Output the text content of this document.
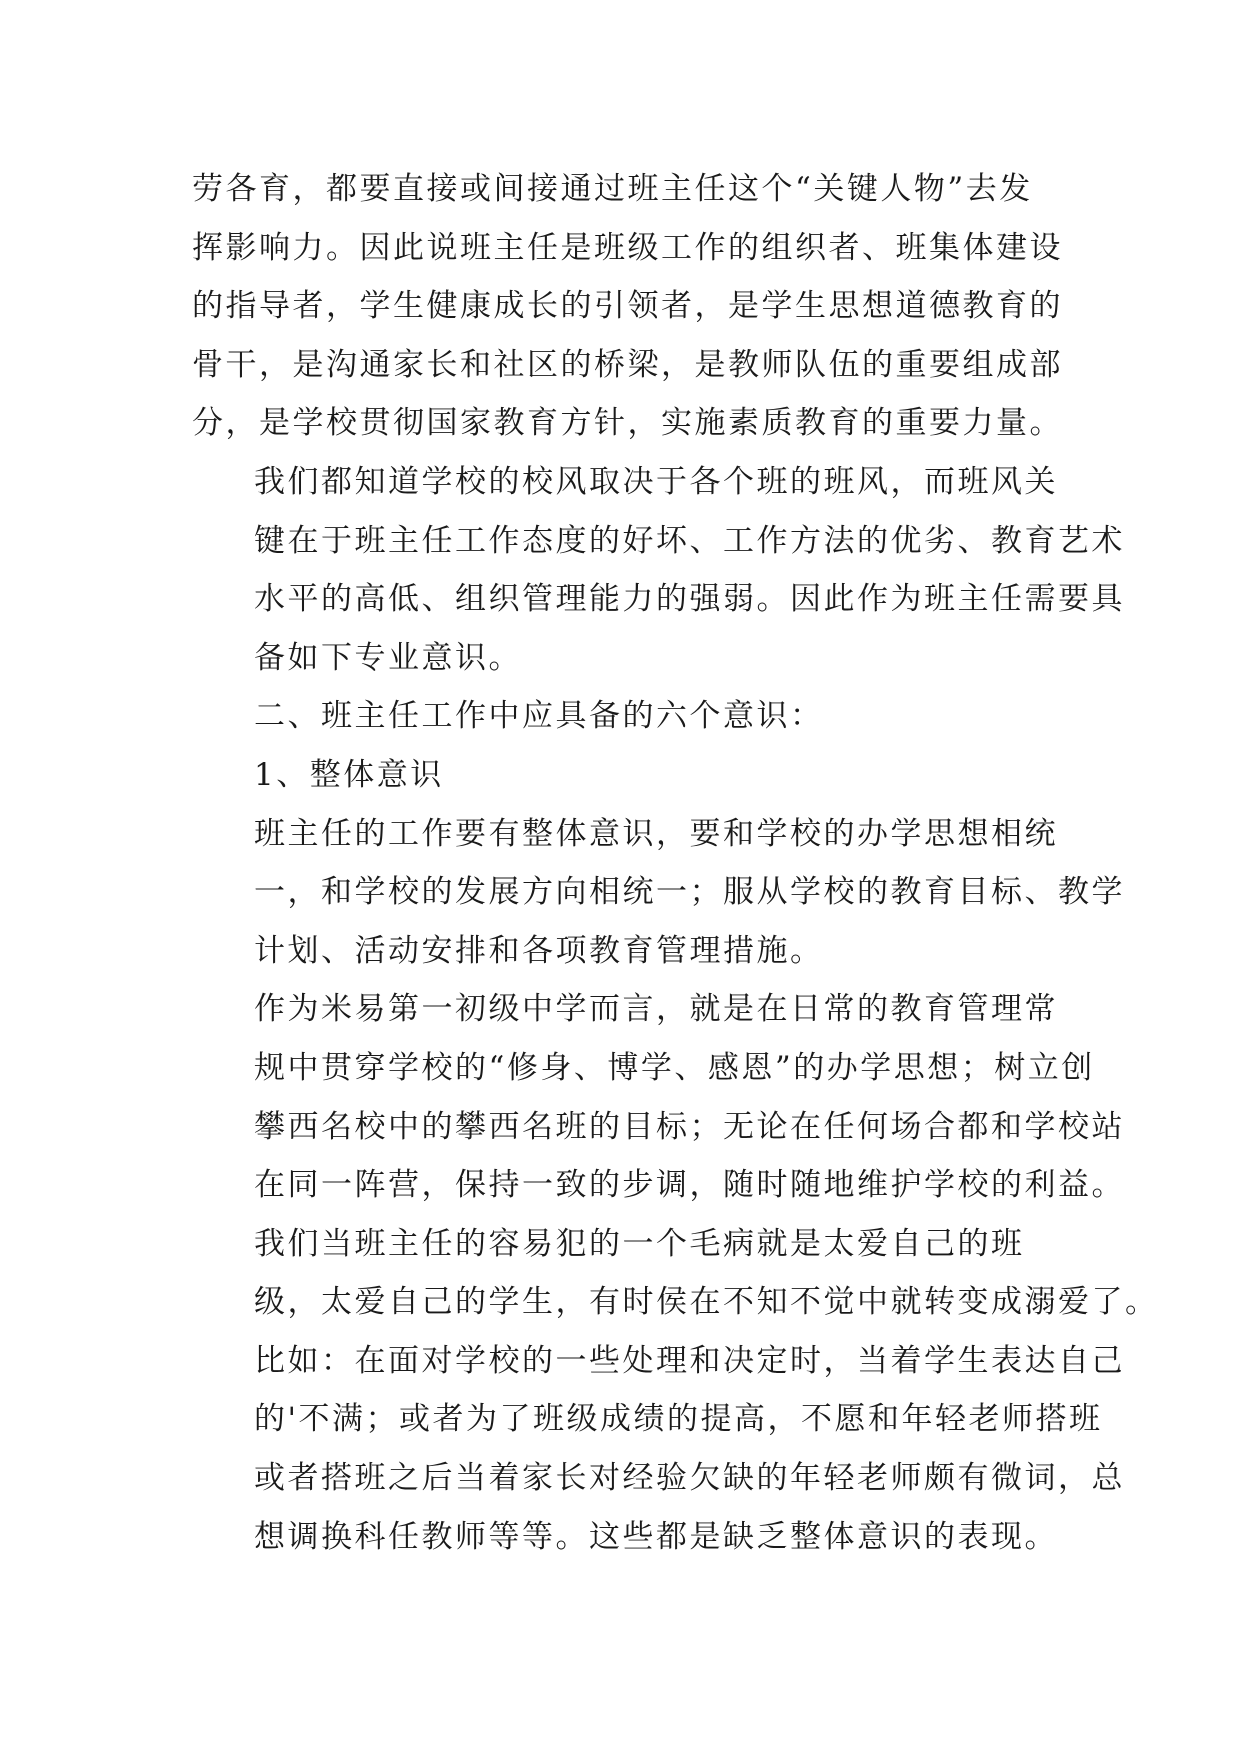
劳各育，都要直接或间接通过班主任这个“关键人物”去发
挥影响力。因此说班主任是班级工作的组织者、班集体建设
的指导者，学生健康成长的引领者，是学生思想道德教育的
骨干，是沟通家长和社区的桥梁，是教师队伍的重要组成部
分，是学校贯彻国家教育方针，实施素质教育的重要力量。

我们都知道学校的校风取决于各个班的班风，而班风关
键在于班主任工作态度的好坏、工作方法的优劣、教育艺术
水平的高低、组织管理能力的强弱。因此作为班主任需要具
备如下专业意识。

二、班主任工作中应具备的六个意识：

1、整体意识

班主任的工作要有整体意识，要和学校的办学思想相统
一，和学校的发展方向相统一；服从学校的教育目标、教学
计划、活动安排和各项教育管理措施。

作为米易第一初级中学而言，就是在日常的教育管理常
规中贯穿学校的“修身、博学、感恩”的办学思想；树立创
攀西名校中的攀西名班的目标；无论在任何场合都和学校站
在同一阵营，保持一致的步调，随时随地维护学校的利益。

我们当班主任的容易犯的一个毛病就是太爱自己的班
级，太爱自己的学生，有时侯在不知不觉中就转变成溺爱了。
比如：在面对学校的一些处理和决定时，当着学生表达自己
的'不满；或者为了班级成绩的提高，不愿和年轻老师搭班
或者搭班之后当着家长对经验欠缺的年轻老师颇有微词，总
想调换科任教师等等。这些都是缺乏整体意识的表现。
